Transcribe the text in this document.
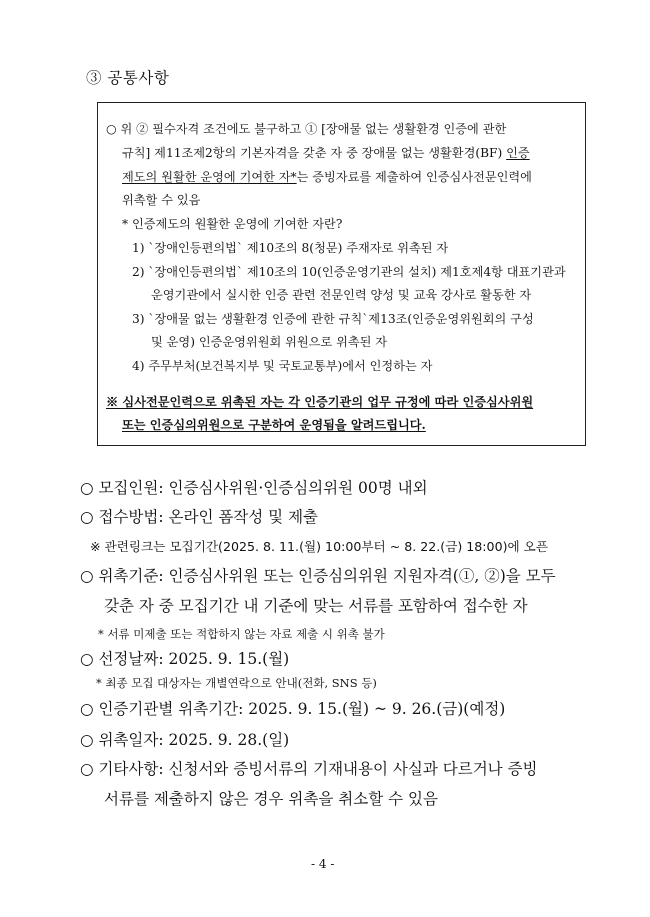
③ 공통사항
○ 위 ② 필수자격 조건에도 불구하고 ① [장애물 없는 생활환경 인증에 관한
규칙] 제11조제2항의 기본자격을 갖춘 자 중 장애물 없는 생활환경(BF) 인증
제도의 원활한 운영에 기여한 자*는 증빙자료를 제출하여 인증심사전문인력에
위촉할 수 있음
* 인증제도의 원활한 운영에 기여한 자란?
1) `장애인등편의법` 제10조의 8(청문) 주재자로 위촉된 자
2) `장애인등편의법` 제10조의 10(인증운영기관의 설치) 제1호제4항 대표기관과
운영기관에서 실시한 인증 관련 전문인력 양성 및 교육 강사로 활동한 자
3) `장애물 없는 생활환경 인증에 관한 규칙`제13조(인증운영위원회의 구성
및 운영) 인증운영위원회 위원으로 위촉된 자
4) 주무부처(보건복지부 및 국토교통부)에서 인정하는 자
※ 심사전문인력으로 위촉된 자는 각 인증기관의 업무 규정에 따라 인증심사위원
또는 인증심의위원으로 구분하여 운영됨을 알려드립니다.
○ 모집인원: 인증심사위원·인증심의위원 00명 내외
○ 접수방법: 온라인 폼작성 및 제출
※ 관련링크는 모집기간(2025. 8. 11.(월) 10:00부터 ~ 8. 22.(금) 18:00)에 오픈
○ 위촉기준: 인증심사위원 또는 인증심의위원 지원자격(①, ②)을 모두
갖춘 자 중 모집기간 내 기준에 맞는 서류를 포함하여 접수한 자
* 서류 미제출 또는 적합하지 않는 자료 제출 시 위촉 불가
○ 선정날짜: 2025. 9. 15.(월)
* 최종 모집 대상자는 개별연락으로 안내(전화, SNS 등)
○ 인증기관별 위촉기간: 2025. 9. 15.(월) ~ 9. 26.(금)(예정)
○ 위촉일자: 2025. 9. 28.(일)
○ 기타사항: 신청서와 증빙서류의 기재내용이 사실과 다르거나 증빙
서류를 제출하지 않은 경우 위촉을 취소할 수 있음
- 4 -
